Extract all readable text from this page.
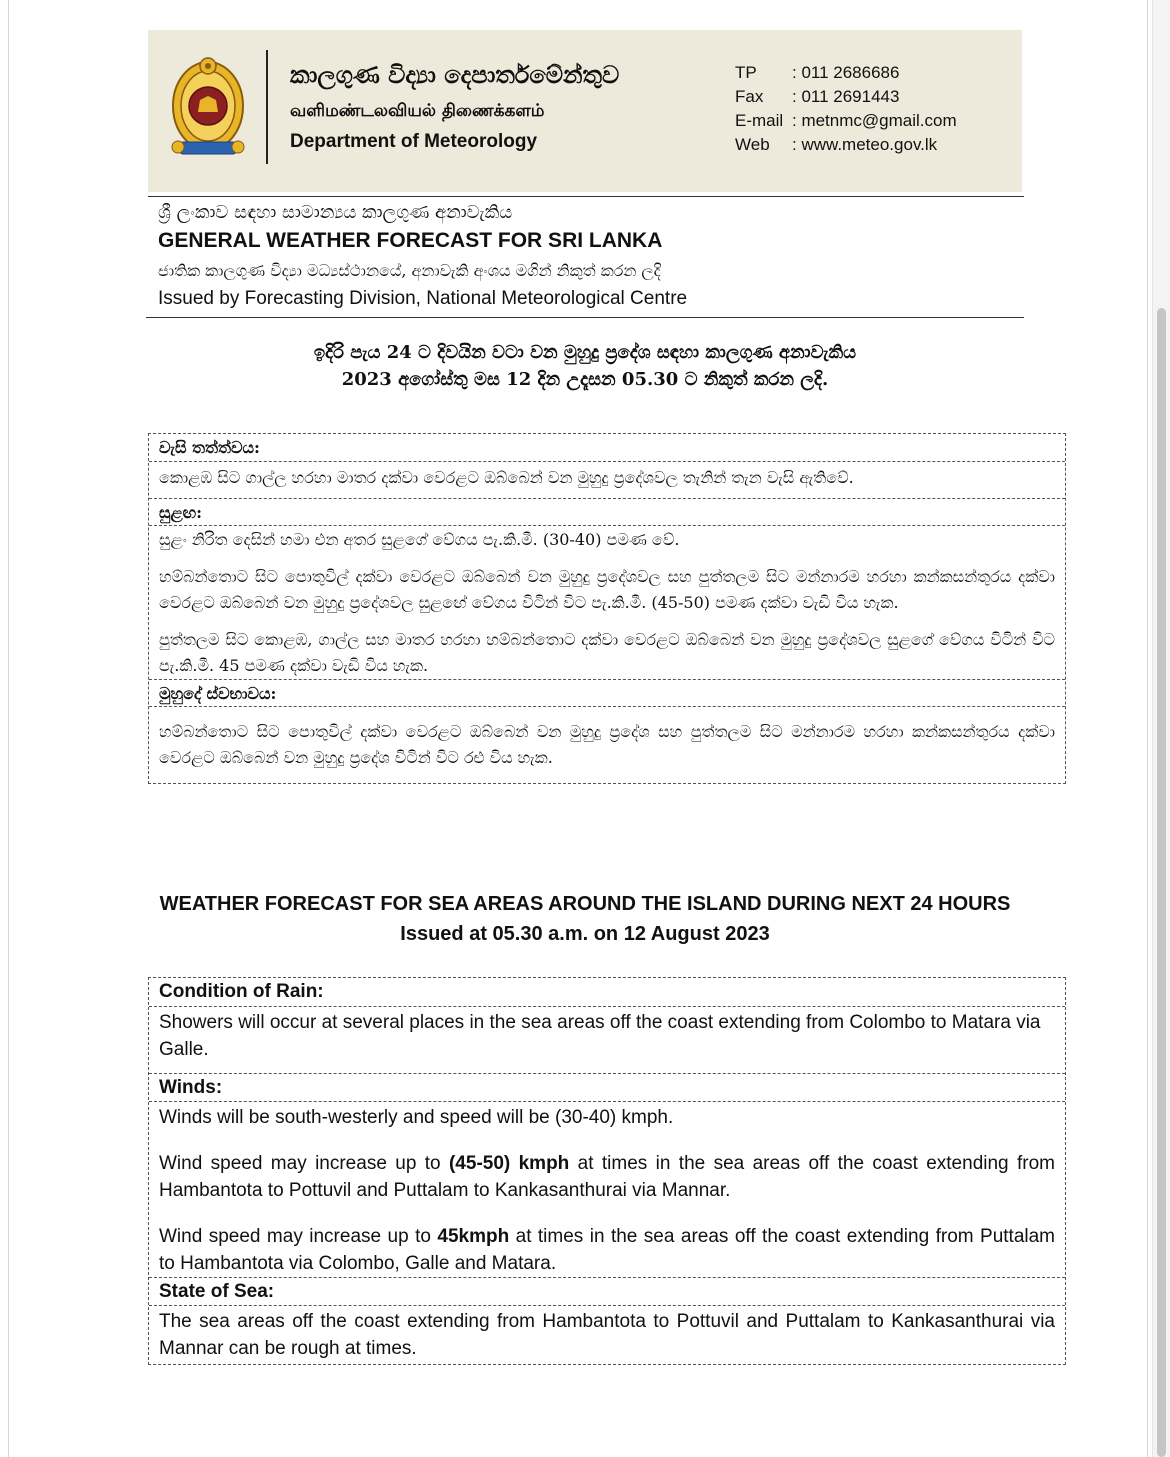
කාලගුණ විද්‍යා දෙපාර්තමේන්තුව
வளிமண்டலவியல் திணைக்களம்
Department of Meteorology
TP	: 011 2686686
Fax	: 011 2691443
E-mail : metnmc@gmail.com
Web	: www.meteo.gov.lk
ශ්‍රී ලංකාව සඳහා සාමාන්‍යය කාලගුණ අනාවැකිය
GENERAL WEATHER FORECAST FOR SRI LANKA
ජාතික කාලගුණ විද්‍යා මධ්‍යස්ථානයේ, අනාවැකි අංශය මගින් නිකුත් කරන ලදි
Issued by Forecasting Division, National Meteorological Centre
ඉදිරි පැය 24 ට දිවයින වටා වන මුහුදු ප්‍රදේශ සඳහා කාලගුණ අනාවැකිය
2023 අගෝස්තු මස 12 දින උදෑසන 05.30 ට නිකුත් කරන ලදි.
වැසි තත්ත්වය:

කොළඹ සිට ගාල්ල හරහා මාතර දක්වා වෙරළට ඔබ්බෙන් වන මුහුදු ප්‍රදේශවල තැනින් තැන වැසි ඇතිවේ.

සුළඟ:

සුළං නිරිත දෙසින් හමා එන අතර සුළගේ වේගය පැ.කි.මී. (30-40) පමණ වේ.

හම්බන්තොට සිට පොතුවිල් දක්වා වෙරළට ඔබ්බෙන් වන මුහුදු ප්‍රදේශවල සහ පුත්තලම සිට මන්නාරම හරහා කන්කසන්තුරය දක්වා වෙරළට ඔබ්බෙන් වන මුහුදු ප්‍රදේශවල සුළඟේ වේගය විටින් විට පැ.කි.මී. (45-50) පමණ දක්වා වැඩි විය හැක.

පුත්තලම සිට කොළඹ, ගාල්ල සහ මාතර හරහා හම්බන්තොට දක්වා වෙරළට ඔබ්බෙන් වන මුහුදු ප්‍රදේශවල සුළගේ වේගය විටින් විට පැ.කි.මී. 45 පමණ දක්වා වැඩි විය හැක.

මුහුදේ ස්වභාවය:

හම්බන්තොට සිට පොතුවිල් දක්වා වෙරළට ඔබ්බෙන් වන මුහුදු ප්‍රදේශ සහ පුත්තලම සිට මන්නාරම හරහා කන්කසන්තුරය දක්වා වෙරළට ඔබ්බෙන් වන මුහුදු ප්‍රදේශ විටින් විට රළු විය හැක.

WEATHER FORECAST FOR SEA AREAS AROUND THE ISLAND DURING NEXT 24 HOURS
Issued at 05.30 a.m. on 12 August 2023
Condition of Rain:

Showers will occur at several places in the sea areas off the coast extending from Colombo to Matara via Galle.

Winds:

Winds will be south-westerly and speed will be (30-40) kmph.

Wind speed may increase up to (45-50) kmph at times in the sea areas off the coast extending from Hambantota to Pottuvil and Puttalam to Kankasanthurai via Mannar.

Wind speed may increase up to 45kmph at times in the sea areas off the coast extending from Puttalam to Hambantota via Colombo, Galle and Matara.

State of Sea:

The sea areas off the coast extending from Hambantota to Pottuvil and Puttalam to Kankasanthurai via Mannar can be rough at times.
